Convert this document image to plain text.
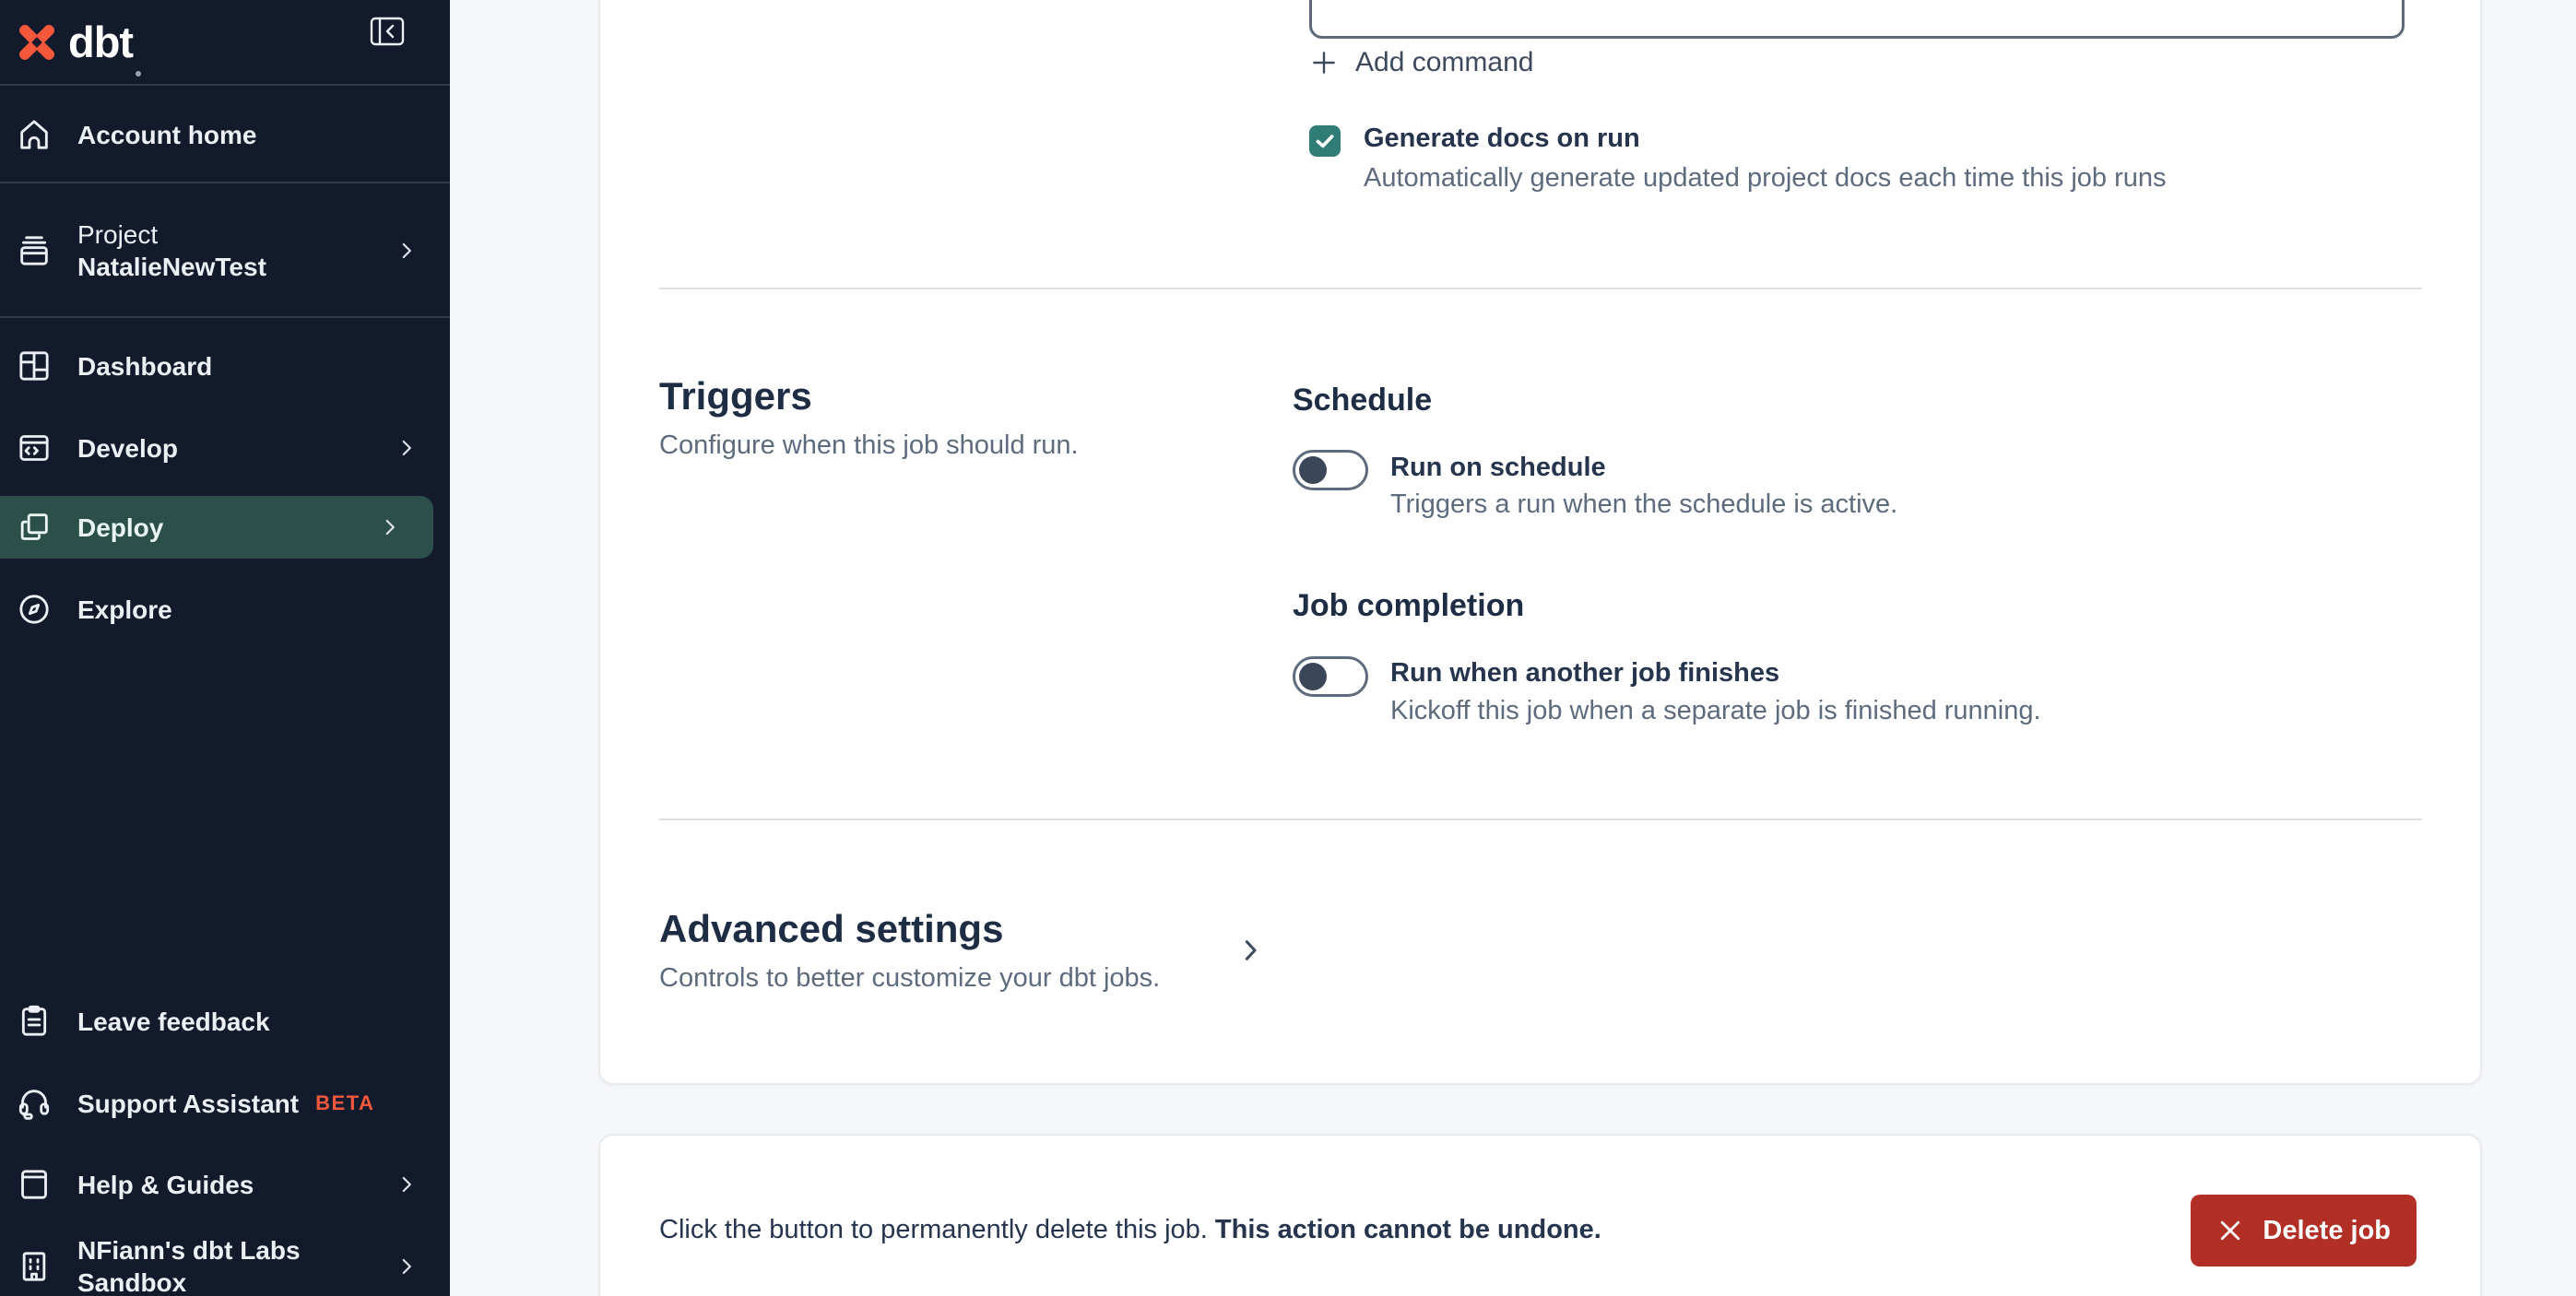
dbt
Account home
Project
NatalieNewTest
Dashboard
Develop
Deploy
Explore
Leave feedback
Support Assistant BETA
Help & Guides
NFiann's dbt Labs Sandbox
Add command
Generate docs on run
Automatically generate updated project docs each time this job runs
Triggers
Configure when this job should run.
Schedule
Run on schedule
Triggers a run when the schedule is active.
Job completion
Run when another job finishes
Kickoff this job when a separate job is finished running.
Advanced settings
Controls to better customize your dbt jobs.
Click the button to permanently delete this job. This action cannot be undone.	Delete job
